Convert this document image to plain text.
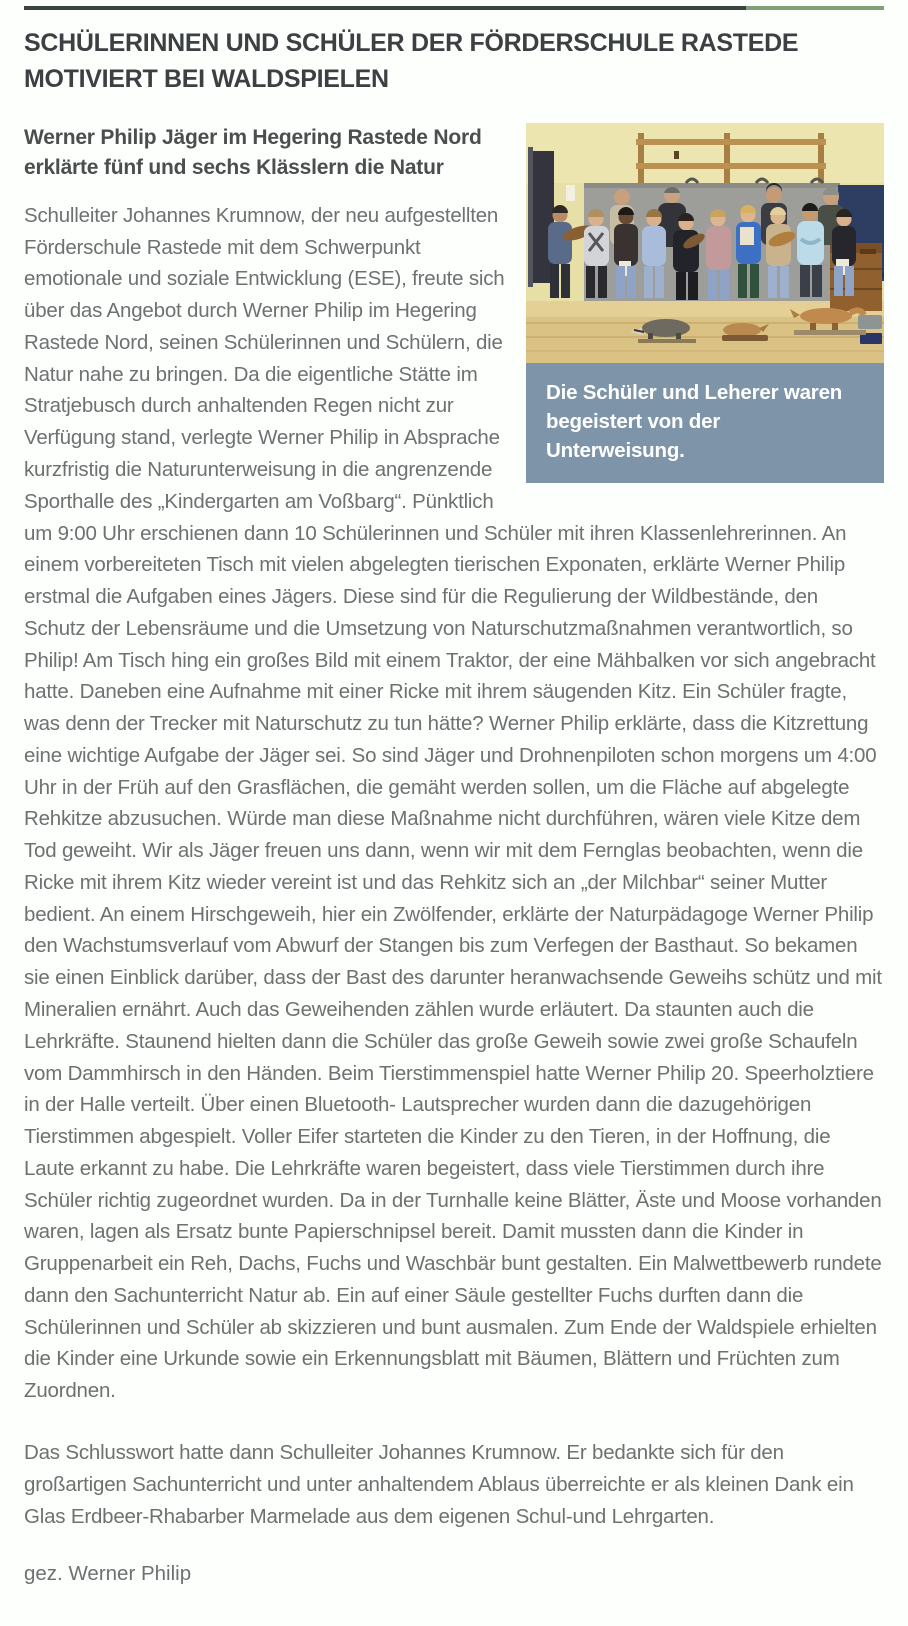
SCHÜLERINNEN UND SCHÜLER DER FÖRDERSCHULE RASTEDE MOTIVIERT BEI WALDSPIELEN
Die Schüler und Leherer waren begeistert von der Unterweisung.
Werner Philip Jäger im Hegering Rastede Nord erklärte fünf und sechs Klässlern die Natur

Schulleiter Johannes Krumnow, der neu aufgestellten Förderschule Rastede mit dem Schwerpunkt emotionale und soziale Entwicklung (ESE), freute sich über das Angebot durch Werner Philip im Hegering Rastede Nord, seinen Schülerinnen und Schülern, die Natur nahe zu bringen. Da die eigentliche Stätte im Stratjebusch durch anhaltenden Regen nicht zur Verfügung stand, verlegte Werner Philip in Absprache kurzfristig die Naturunterweisung in die angrenzende Sporthalle des „Kindergarten am Voßbarg“. Pünktlich um 9:00 Uhr erschienen dann 10 Schülerinnen und Schüler mit ihren Klassenlehrerinnen. An einem vorbereiteten Tisch mit vielen abgelegten tierischen Exponaten, erklärte Werner Philip erstmal die Aufgaben eines Jägers. Diese sind für die Regulierung der Wildbestände, den Schutz der Lebensräume und die Umsetzung von Naturschutzmaßnahmen verantwortlich, so Philip! Am Tisch hing ein großes Bild mit einem Traktor, der eine Mähbalken vor sich angebracht hatte. Daneben eine Aufnahme mit einer Ricke mit ihrem säugenden Kitz. Ein Schüler fragte, was denn der Trecker mit Naturschutz zu tun hätte? Werner Philip erklärte, dass die Kitzrettung eine wichtige Aufgabe der Jäger sei. So sind Jäger und Drohnenpiloten schon morgens um 4:00 Uhr in der Früh auf den Grasflächen, die gemäht werden sollen, um die Fläche auf abgelegte Rehkitze abzusuchen. Würde man diese Maßnahme nicht durchführen, wären viele Kitze dem Tod geweiht. Wir als Jäger freuen uns dann, wenn wir mit dem Fernglas beobachten, wenn die Ricke mit ihrem Kitz wieder vereint ist und das Rehkitz sich an „der Milchbar“ seiner Mutter bedient. An einem Hirschgeweih, hier ein Zwölfender, erklärte der Naturpädagoge Werner Philip den Wachstumsverlauf vom Abwurf der Stangen bis zum Verfegen der Basthaut. So bekamen sie einen Einblick darüber, dass der Bast des darunter heranwachsende Geweihs schütz und mit Mineralien ernährt. Auch das Geweihenden zählen wurde erläutert. Da staunten auch die Lehrkräfte. Staunend hielten dann die Schüler das große Geweih sowie zwei große Schaufeln vom Dammhirsch in den Händen. Beim Tierstimmenspiel hatte Werner Philip 20. Speerholztiere in der Halle verteilt. Über einen Bluetooth- Lautsprecher wurden dann die dazugehörigen Tierstimmen abgespielt. Voller Eifer starteten die Kinder zu den Tieren, in der Hoffnung, die Laute erkannt zu habe. Die Lehrkräfte waren begeistert, dass viele Tierstimmen durch ihre Schüler richtig zugeordnet wurden. Da in der Turnhalle keine Blätter, Äste und Moose vorhanden waren, lagen als Ersatz bunte Papierschnipsel bereit. Damit mussten dann die Kinder in Gruppenarbeit ein Reh, Dachs, Fuchs und Waschbär bunt gestalten. Ein Malwettbewerb rundete dann den Sachunterricht Natur ab. Ein auf einer Säule gestellter Fuchs durften dann die Schülerinnen und Schüler ab skizzieren und bunt ausmalen. Zum Ende der Waldspiele erhielten die Kinder eine Urkunde sowie ein Erkennungsblatt mit Bäumen, Blättern und Früchten zum Zuordnen.

Das Schlusswort hatte dann Schulleiter Johannes Krumnow. Er bedankte sich für den großartigen Sachunterricht und unter anhaltendem Ablaus überreichte er als kleinen Dank ein Glas Erdbeer-Rhabarber Marmelade aus dem eigenen Schul-und Lehrgarten.

gez. Werner Philip
